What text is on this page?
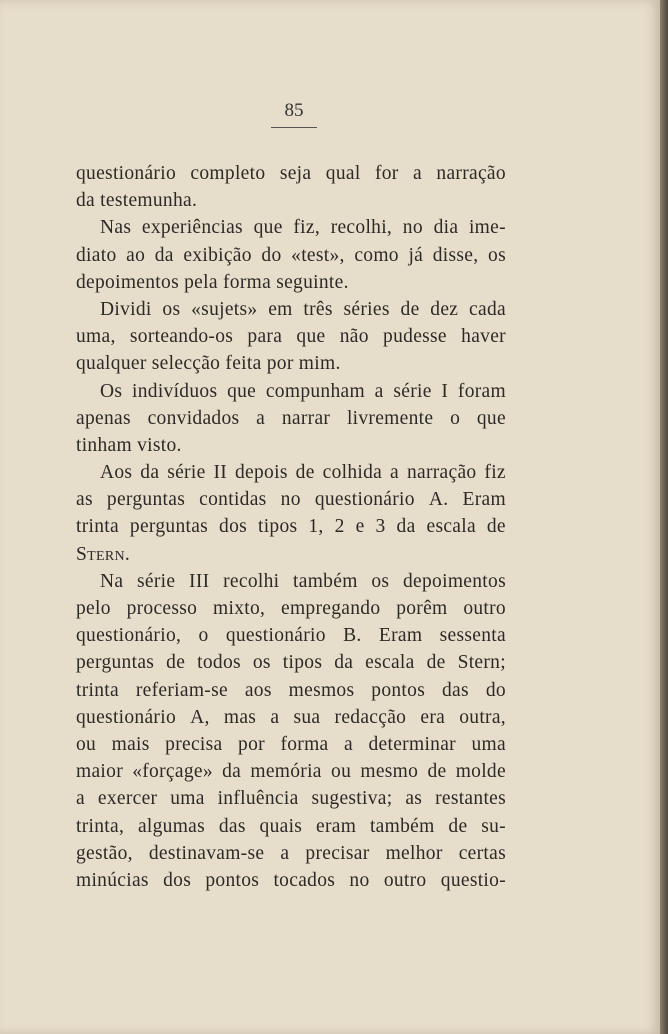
85
questionário completo seja qual for a narração
da testemunha.
Nas experiências que fiz, recolhi, no dia ime-
diato ao da exibição do «test», como já disse, os
depoimentos pela forma seguinte.
Dividi os «sujets» em três séries de dez cada
uma, sorteando-os para que não pudesse haver
qualquer selecção feita por mim.
Os indivíduos que compunham a série I foram
apenas convidados a narrar livremente o que
tinham visto.
Aos da série II depois de colhida a narração fiz
as perguntas contidas no questionário A. Eram
trinta perguntas dos tipos 1, 2 e 3 da escala de
Stern.
Na série III recolhi também os depoimentos
pelo processo mixto, empregando porêm outro
questionário, o questionário B. Eram sessenta
perguntas de todos os tipos da escala de Stern;
trinta referiam-se aos mesmos pontos das do
questionário A, mas a sua redacção era outra,
ou mais precisa por forma a determinar uma
maior «forçage» da memória ou mesmo de molde
a exercer uma influência sugestiva; as restantes
trinta, algumas das quais eram também de su-
gestão, destinavam-se a precisar melhor certas
minúcias dos pontos tocados no outro questio-
